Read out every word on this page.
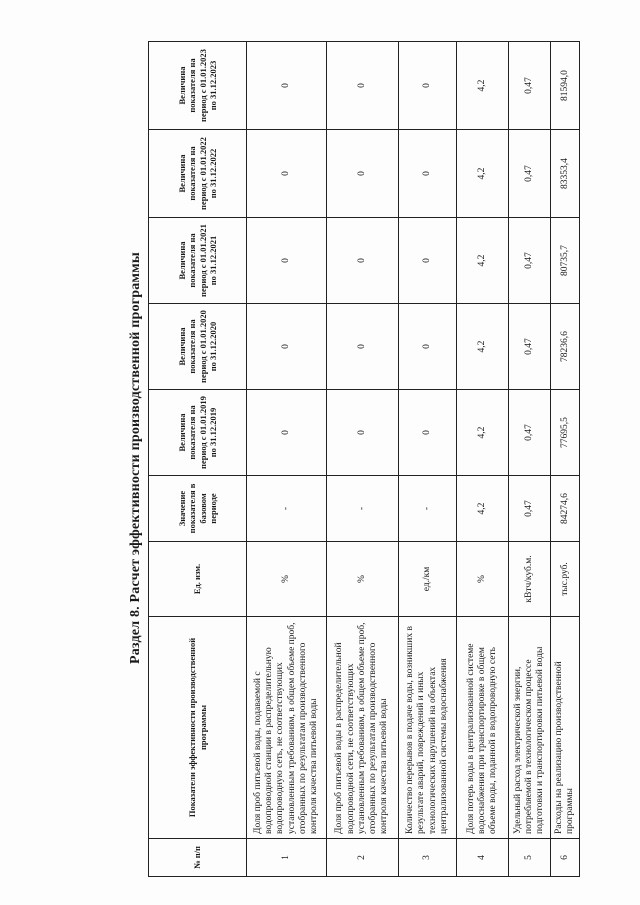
Раздел 8. Расчет эффективности производственной программы
№ п/п	Показатели эффективности производственной программы	Ед. изм.	Значение показателя в базовом периоде	Величина показателя на период с 01.01.2019 по 31.12.2019	Величина показателя на период с 01.01.2020 по 31.12.2020	Величина показателя на период с 01.01.2021 по 31.12.2021	Величина показателя на период с 01.01.2022 по 31.12.2022	Величина показателя на период с 01.01.2023 по 31.12.2023
1	Доля проб питьевой воды, подаваемой с водопроводной станции в распределительную водопроводную сеть, не соответствующих установленным требованиям, в общем объеме проб, отобранных по результатам производственного контроля качества питьевой воды	%	-	0	0	0	0	0
2	Доля проб питьевой воды в распределительной водопроводной сети, не соответствующих установленным требованиям, в общем объеме проб, отобранных по результатам производственного контроля качества питьевой воды	%	-	0	0	0	0	0
3	Количество перерывов в подаче воды, возникших в результате аварий, повреждений и иных технологических нарушений на объектах централизованной системы водоснабжения	ед./км	-	0	0	0	0	0
4	Доля потерь воды в централизованной системе водоснабжения при транспортировке в общем объеме воды, поданной в водопроводную сеть	%	4,2	4,2	4,2	4,2	4,2	4,2
5	Удельный расход электрической энергии, потребляемой в технологическом процессе подготовки и транспортировки питьевой воды	кВтч/куб.м.	0,47	0,47	0,47	0,47	0,47	0,47
6	Расходы на реализацию производственной программы	тыс.руб.	84274,6	77695,5	78236,6	80735,7	83353,4	81594,0
